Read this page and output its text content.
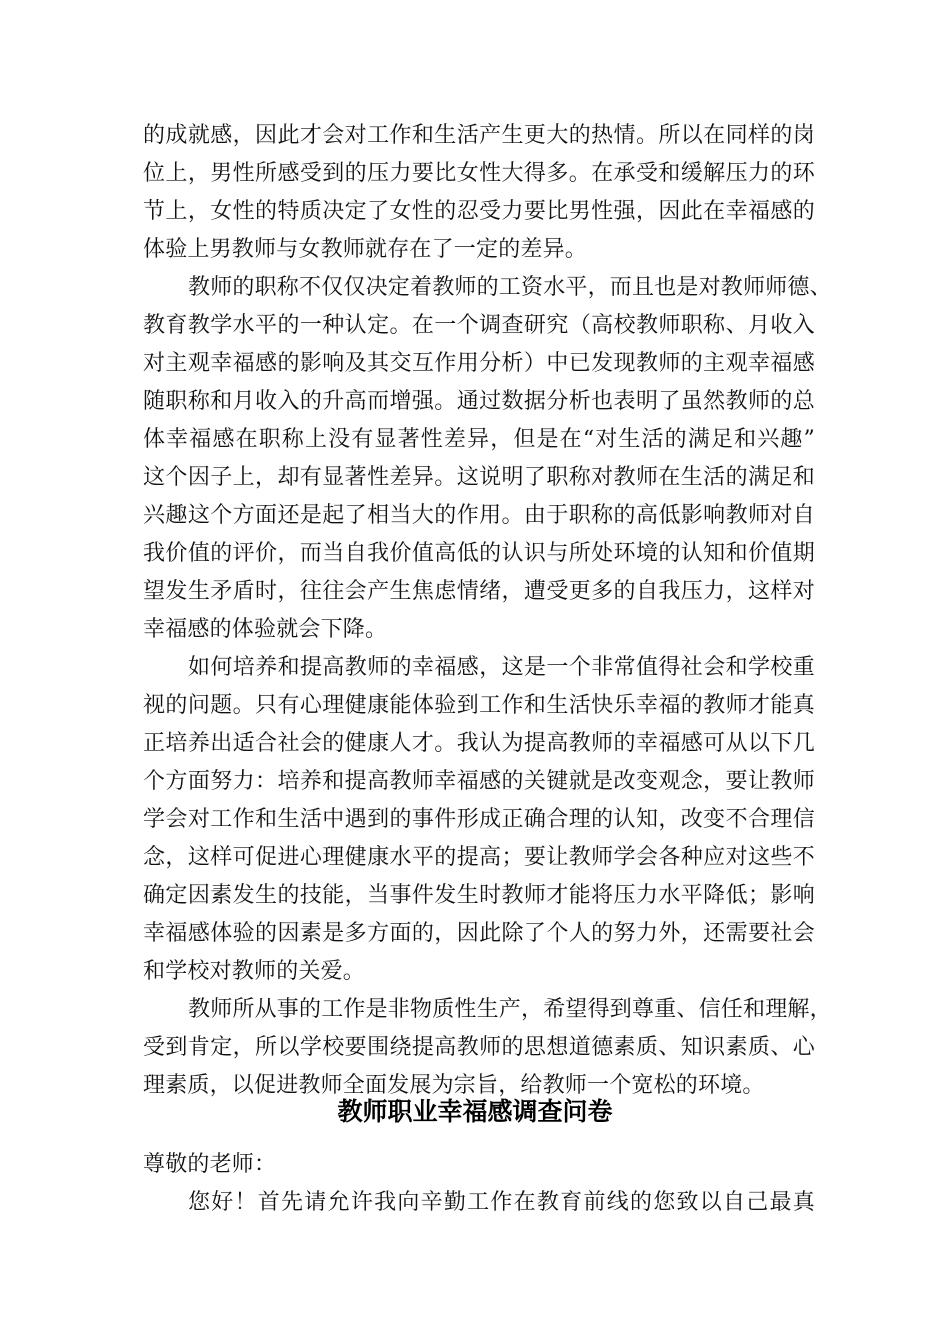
的成就感，因此才会对工作和生活产生更大的热情。所以在同样的岗
位上，男性所感受到的压力要比女性大得多。在承受和缓解压力的环
节上，女性的特质决定了女性的忍受力要比男性强，因此在幸福感的
体验上男教师与女教师就存在了一定的差异。
教师的职称不仅仅决定着教师的工资水平，而且也是对教师师德、
教育教学水平的一种认定。在一个调查研究（高校教师职称、月收入
对主观幸福感的影响及其交互作用分析）中已发现教师的主观幸福感
随职称和月收入的升高而增强。通过数据分析也表明了虽然教师的总
体幸福感在职称上没有显著性差异，但是在“对生活的满足和兴趣”
这个因子上，却有显著性差异。这说明了职称对教师在生活的满足和
兴趣这个方面还是起了相当大的作用。由于职称的高低影响教师对自
我价值的评价，而当自我价值高低的认识与所处环境的认知和价值期
望发生矛盾时，往往会产生焦虑情绪，遭受更多的自我压力，这样对
幸福感的体验就会下降。
如何培养和提高教师的幸福感，这是一个非常值得社会和学校重
视的问题。只有心理健康能体验到工作和生活快乐幸福的教师才能真
正培养出适合社会的健康人才。我认为提高教师的幸福感可从以下几
个方面努力：培养和提高教师幸福感的关键就是改变观念，要让教师
学会对工作和生活中遇到的事件形成正确合理的认知，改变不合理信
念，这样可促进心理健康水平的提高；要让教师学会各种应对这些不
确定因素发生的技能，当事件发生时教师才能将压力水平降低；影响
幸福感体验的因素是多方面的，因此除了个人的努力外，还需要社会
和学校对教师的关爱。
教师所从事的工作是非物质性生产，希望得到尊重、信任和理解，
受到肯定，所以学校要围绕提高教师的思想道德素质、知识素质、心
理素质，以促进教师全面发展为宗旨，给教师一个宽松的环境。
教师职业幸福感调查问卷
尊敬的老师：
您好！首先请允许我向辛勤工作在教育前线的您致以自己最真
